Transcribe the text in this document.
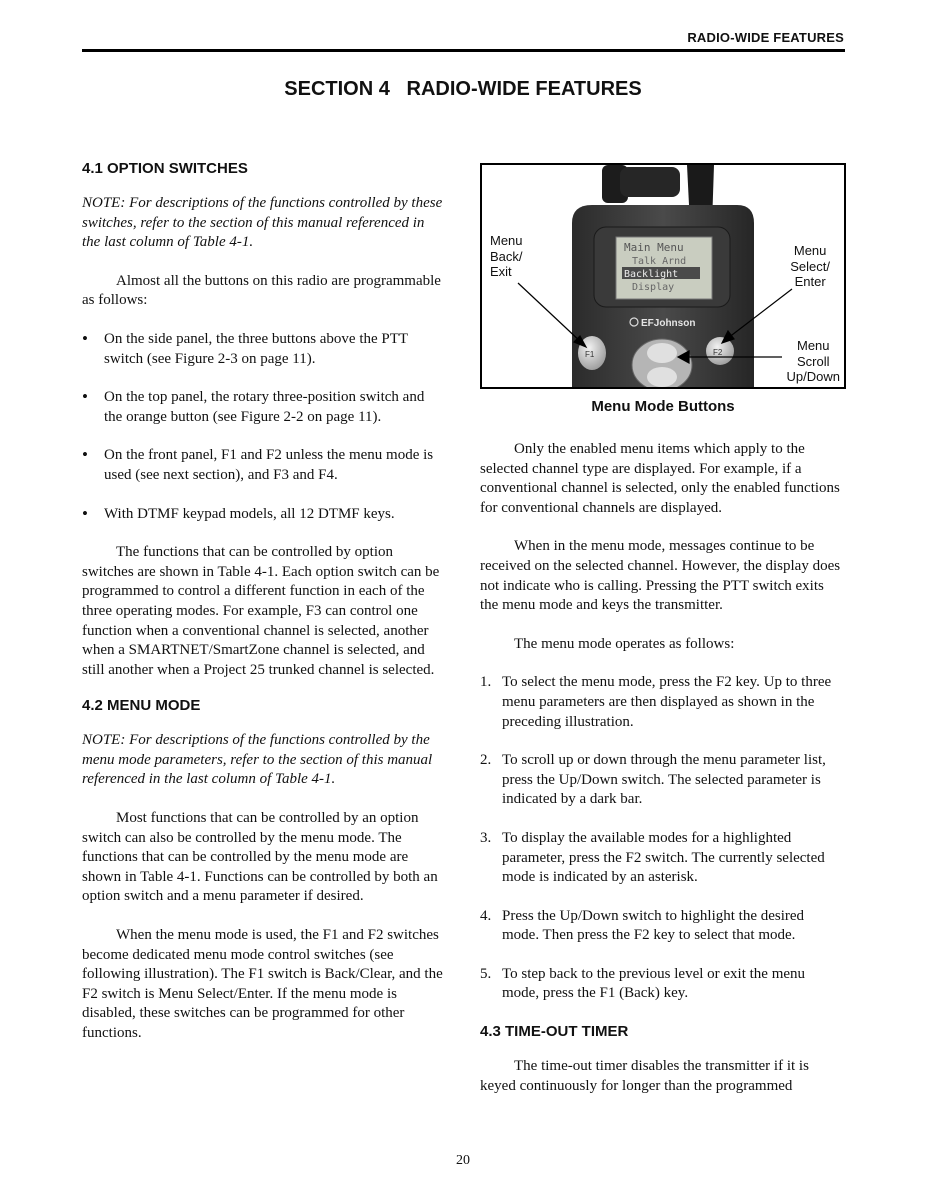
RADIO-WIDE FEATURES
SECTION 4   RADIO-WIDE FEATURES
4.1 OPTION SWITCHES

NOTE: For descriptions of the functions controlled by these switches, refer to the section of this manual referenced in the last column of Table 4-1.

Almost all the buttons on this radio are programmable as follows:

• On the side panel, the three buttons above the PTT switch (see Figure 2-3 on page 11).
• On the top panel, the rotary three-position switch and the orange button (see Figure 2-2 on page 11).
• On the front panel, F1 and F2 unless the menu mode is used (see next section), and F3 and F4.
• With DTMF keypad models, all 12 DTMF keys.

The functions that can be controlled by option switches are shown in Table 4-1. Each option switch can be programmed to control a different function in each of the three operating modes. For example, F3 can control one function when a conventional channel is selected, another when a SMARTNET/SmartZone channel is selected, and still another when a Project 25 trunked channel is selected.

4.2 MENU MODE

NOTE: For descriptions of the functions controlled by the menu mode parameters, refer to the section of this manual referenced in the last column of Table 4-1.

Most functions that can be controlled by an option switch can also be controlled by the menu mode. The functions that can be controlled by the menu mode are shown in Table 4-1. Functions can be controlled by both an option switch and a menu parameter if desired.

When the menu mode is used, the F1 and F2 switches become dedicated menu mode control switches (see following illustration). The F1 switch is Back/Clear, and the F2 switch is Menu Select/Enter. If the menu mode is disabled, these switches can be programmed for other functions.

Main Menu
Talk Arnd
Backlight
Display
EFJohnson
F1	F2
Menu
Back/
Exit
Menu
Select/
Enter
Menu
Scroll
Up/Down
Menu Mode Buttons

Only the enabled menu items which apply to the selected channel type are displayed. For example, if a conventional channel is selected, only the enabled functions for conventional channels are displayed.

When in the menu mode, messages continue to be received on the selected channel. However, the display does not indicate who is calling. Pressing the PTT switch exits the menu mode and keys the transmitter.

The menu mode operates as follows:

1. To select the menu mode, press the F2 key. Up to three menu parameters are then displayed as shown in the preceding illustration.
2. To scroll up or down through the menu parameter list, press the Up/Down switch. The selected parameter is indicated by a dark bar.
3. To display the available modes for a highlighted parameter, press the F2 switch. The currently selected mode is indicated by an asterisk.
4. Press the Up/Down switch to highlight the desired mode. Then press the F2 key to select that mode.
5. To step back to the previous level or exit the menu mode, press the F1 (Back) key.
4.3 TIME-OUT TIMER

The time-out timer disables the transmitter if it is keyed continuously for longer than the programmed

20
